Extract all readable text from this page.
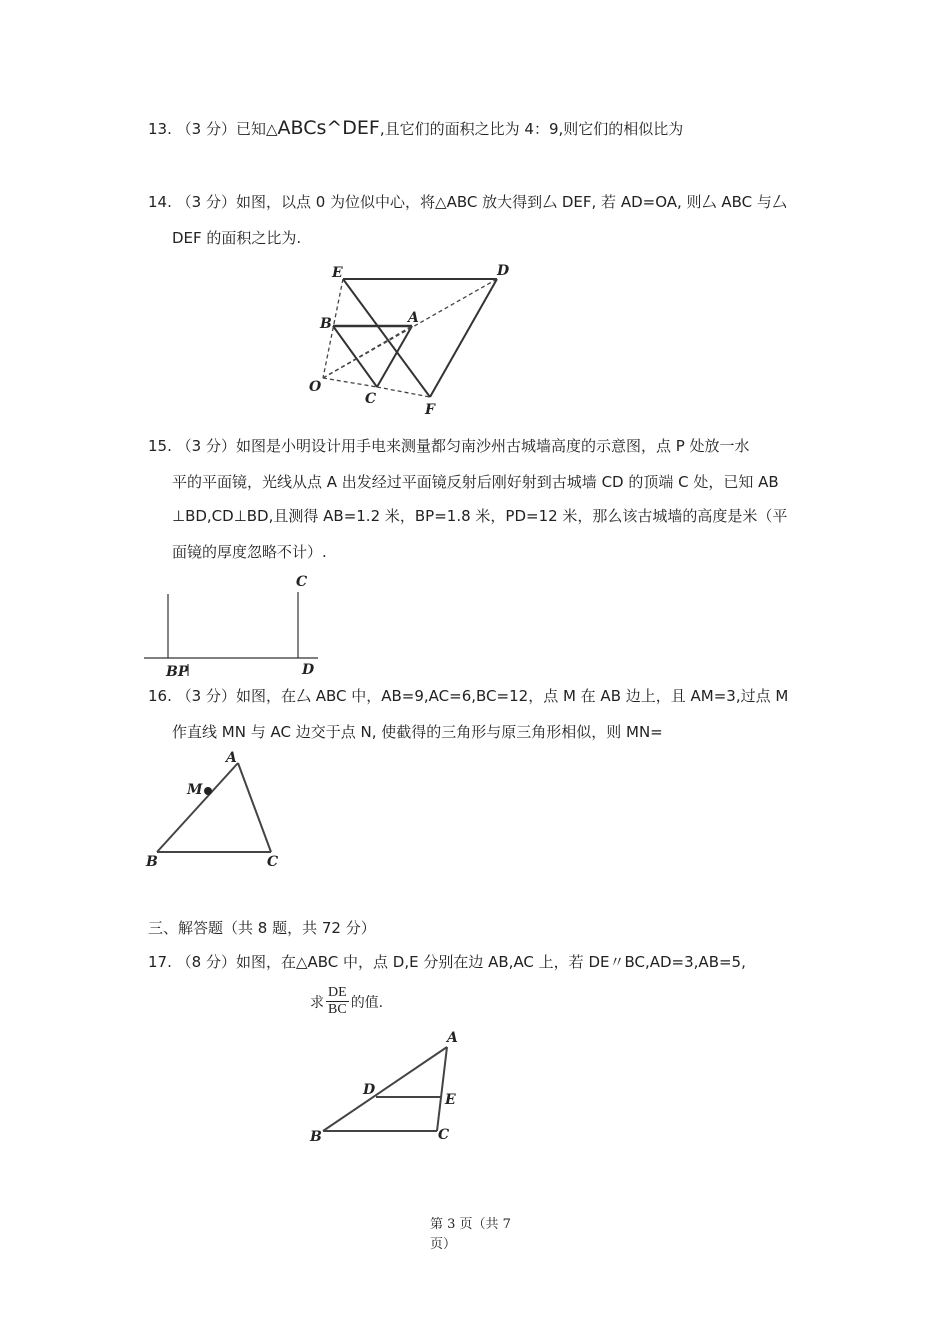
13. （3 分）已知△ABCs^DEF,且它们的面积之比为 4：9,则它们的相似比为
14. （3 分）如图，以点 0 为位似中心，将△ABC 放大得到厶 DEF, 若 AD=OA, 则厶 ABC 与厶
DEF 的面积之比为.
E	D
B	A
O
C
F
15. （3 分）如图是小明设计用手电来测量都匀南沙州古城墙高度的示意图，点 P 处放一水
平的平面镜，光线从点 A 出发经过平面镜反射后刚好射到古城墙 CD 的顶端 C 处，已知 AB
⊥BD,CD⊥BD,且测得 AB=1.2 米，BP=1.8 米，PD=12 米，那么该古城墙的高度是米（平
面镜的厚度忽略不计）.
C
BP	D
16. （3 分）如图，在厶 ABC 中，AB=9,AC=6,BC=12，点 M 在 AB 边上，且 AM=3,过点 M
作直线 MN 与 AC 边交于点 N, 使截得的三角形与原三角形相似，则 MN=
A
M
B	C
三、解答题（共 8 题，共 72 分）
17. （8 分）如图，在△ABC 中，点 D,E 分别在边 AB,AC 上，若 DE〃BC,AD=3,AB=5,
求 $\frac{DE}{BC}$ 的值.
A
D
E
B	C
第 3 页（共 7
页）
